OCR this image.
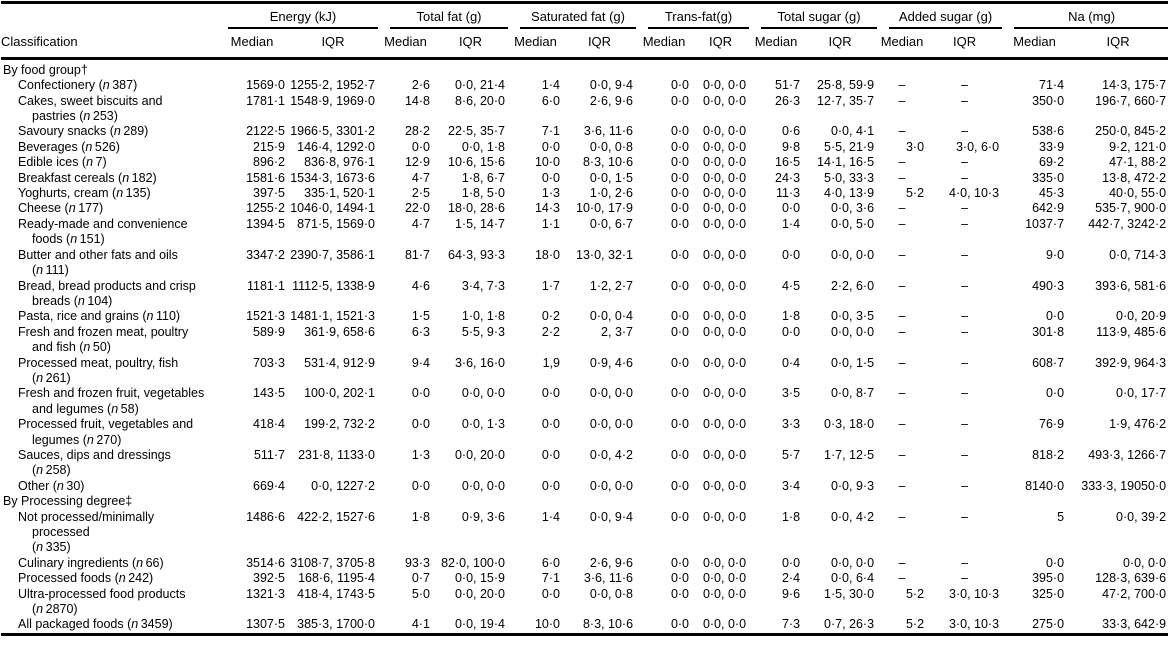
	Energy (kJ)		Total fat (g)		Saturated fat (g)		Trans-fat(g)		Total sugar (g)		Added sugar (g)		Na (mg)	

Classification	Median	IQR	Median	IQR	Median	IQR	Median	IQR	Median	IQR	Median	IQR	Median	IQR
By food group†														

Confectionery (n 387)	1569·0	1255·2, 1952·7	2·6	0·0, 21·4	1·4	0·0, 9·4	0·0	0·0, 0·0	51·7	25·8, 59·9	–	–	71·4	14·3, 175·7

Cakes, sweet biscuits and
pastries (n 253)	1781·1	1548·9, 1969·0	14·8	8·6, 20·0	6·0	2·6, 9·6	0·0	0·0, 0·0	26·3	12·7, 35·7	–	–	350·0	196·7, 660·7

Savoury snacks (n 289)	2122·5	1966·5, 3301·2	28·2	22·5, 35·7	7·1	3·6, 11·6	0·0	0·0, 0·0	0·6	0·0, 4·1	–	–	538·6	250·0, 845·2

Beverages (n 526)	215·9	146·4, 1292·0	0·0	0·0, 1·8	0·0	0·0, 0·8	0·0	0·0, 0·0	9·8	5·5, 21·9	3·0	3·0, 6·0	33·9	9·2, 121·0

Edible ices (n 7)	896·2	836·8, 976·1	12·9	10·6, 15·6	10·0	8·3, 10·6	0·0	0·0, 0·0	16·5	14·1, 16·5	–	–	69·2	47·1, 88·2

Breakfast cereals (n 182)	1581·6	1534·3, 1673·6	4·7	1·8, 6·7	0·0	0·0, 1·5	0·0	0·0, 0·0	24·3	5·0, 33·3	–	–	335·0	13·8, 472·2

Yoghurts, cream (n 135)	397·5	335·1, 520·1	2·5	1·8, 5·0	1·3	1·0, 2·6	0·0	0·0, 0·0	11·3	4·0, 13·9	5·2	4·0, 10·3	45·3	40·0, 55·0

Cheese (n 177)	1255·2	1046·0, 1494·1	22·0	18·0, 28·6	14·3	10·0, 17·9	0·0	0·0, 0·0	0·0	0·0, 3·6	–	–	642·9	535·7, 900·0

Ready-made and convenience
foods (n 151)	1394·5	871·5, 1569·0	4·7	1·5, 14·7	1·1	0·0, 6·7	0·0	0·0, 0·0	1·4	0·0, 5·0	–	–	1037·7	442·7, 3242·2

Butter and other fats and oils
(n 111)	3347·2	2390·7, 3586·1	81·7	64·3, 93·3	18·0	13·0, 32·1	0·0	0·0, 0·0	0·0	0·0, 0·0	–	–	9·0	0·0, 714·3

Bread, bread products and crisp
breads (n 104)	1181·1	1112·5, 1338·9	4·6	3·4, 7·3	1·7	1·2, 2·7	0·0	0·0, 0·0	4·5	2·2, 6·0	–	–	490·3	393·6, 581·6

Pasta, rice and grains (n 110)	1521·3	1481·1, 1521·3	1·5	1·0, 1·8	0·2	0·0, 0·4	0·0	0·0, 0·0	1·8	0·0, 3·5	–	–	0·0	0·0, 20·9

Fresh and frozen meat, poultry
and fish (n 50)	589·9	361·9, 658·6	6·3	5·5, 9·3	2·2	2, 3·7	0·0	0·0, 0·0	0·0	0·0, 0·0	–	–	301·8	113·9, 485·6

Processed meat, poultry, fish
(n 261)	703·3	531·4, 912·9	9·4	3·6, 16·0	1,9	0·9, 4·6	0·0	0·0, 0·0	0·4	0·0, 1·5	–	–	608·7	392·9, 964·3

Fresh and frozen fruit, vegetables
and legumes (n 58)	143·5	100·0, 202·1	0·0	0·0, 0·0	0·0	0·0, 0·0	0·0	0·0, 0·0	3·5	0·0, 8·7	–	–	0·0	0·0, 17·7

Processed fruit, vegetables and
legumes (n 270)	418·4	199·2, 732·2	0·0	0·0, 1·3	0·0	0·0, 0·0	0·0	0·0, 0·0	3·3	0·3, 18·0	–	–	76·9	1·9, 476·2

Sauces, dips and dressings
(n 258)	511·7	231·8, 1133·0	1·3	0·0, 20·0	0·0	0·0, 4·2	0·0	0·0, 0·0	5·7	1·7, 12·5	–	–	818·2	493·3, 1266·7

Other (n 30)	669·4	0·0, 1227·2	0·0	0·0, 0·0	0·0	0·0, 0·0	0·0	0·0, 0·0	3·4	0·0, 9·3	–	–	8140·0	333·3, 19050·0
By Processing degree‡														

Not processed/minimally
processed
(n 335)	1486·6	422·2, 1527·6	1·8	0·9, 3·6	1·4	0·0, 9·4	0·0	0·0, 0·0	1·8	0·0, 4·2	–	–	5	0·0, 39·2

Culinary ingredients (n 66)	3514·6	3108·7, 3705·8	93·3	82·0, 100·0	6·0	2·6, 9·6	0·0	0·0, 0·0	0·0	0·0, 0·0	–	–	0·0	0·0, 0·0

Processed foods (n 242)	392·5	168·6, 1195·4	0·7	0·0, 15·9	7·1	3·6, 11·6	0·0	0·0, 0·0	2·4	0·0, 6·4	–	–	395·0	128·3, 639·6

Ultra-processed food products
(n 2870)	1321·3	418·4, 1743·5	5·0	0·0, 20·0	0·0	0·0, 0·8	0·0	0·0, 0·0	9·6	1·5, 30·0	5·2	3·0, 10·3	325·0	47·2, 700·0

All packaged foods (n 3459)	1307·5	385·3, 1700·0	4·1	0·0, 19·4	10·0	8·3, 10·6	0·0	0·0, 0·0	7·3	0·7, 26·3	5·2	3·0, 10·3	275·0	33·3, 642·9
